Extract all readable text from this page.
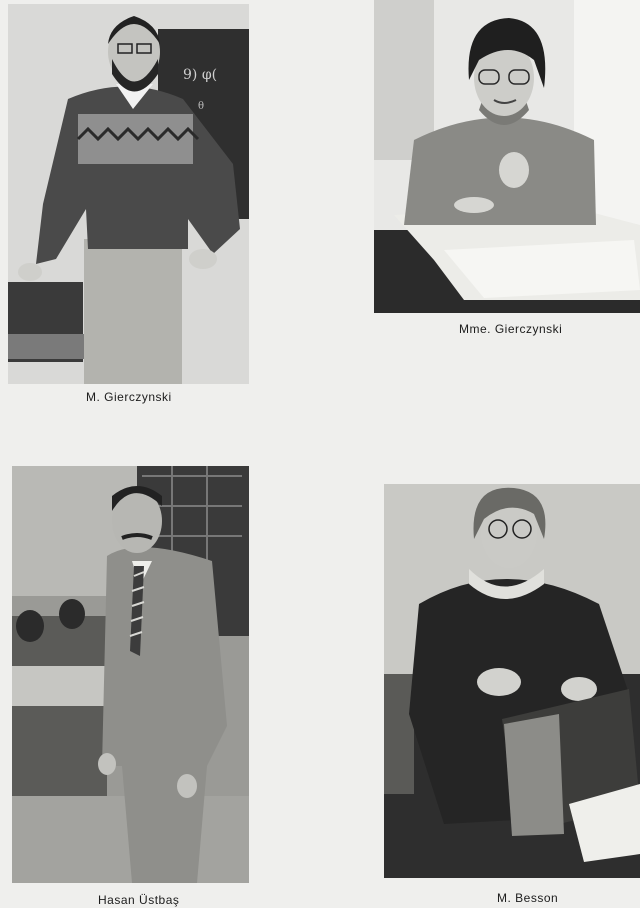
9) φ(
θ
M. Gierczynski
Mme. Gierczynski
Hasan Üstbaş	M. Besson
